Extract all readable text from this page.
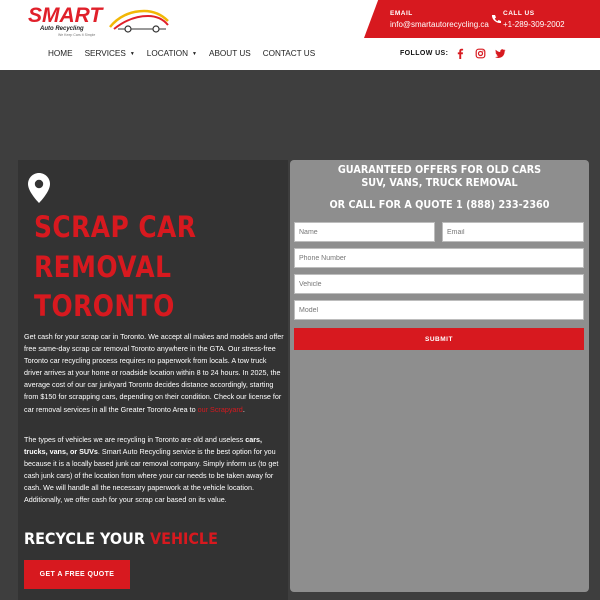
SMART
Auto Recycling
We Keep Cars It Simple
EMAIL
info@smartautorecycling.ca
CALL US
+1-289-309-2002
HOME SERVICES ▼ LOCATION ▼ ABOUT US CONTACT US	FOLLOW US:
SCRAP CAR
REMOVAL
TORONTO

Get cash for your scrap car in Toronto. We accept all makes and models and offer free same-day scrap car removal Toronto anywhere in the GTA. Our stress-free Toronto car recycling process requires no paperwork from locals. A tow truck driver arrives at your home or roadside location within 8 to 24 hours. In 2025, the average cost of our car junkyard Toronto decides distance accordingly, starting from $150 for scrapping cars, depending on their condition. Check our license for car removal services in all the Greater Toronto Area to our Scrapyard.

The types of vehicles we are recycling in Toronto are old and useless cars, trucks, vans, or SUVs. Smart Auto Recycling service is the best option for you because it is a locally based junk car removal company. Simply inform us (to get cash junk cars) of the location from where your car needs to be taken away for cash. We will handle all the necessary paperwork at the vehicle location. Additionally, we offer cash for your scrap car based on its value.

RECYCLE YOUR VEHICLE
GET A FREE QUOTE
GUARANTEED OFFERS FOR OLD CARS
SUV, VANS, TRUCK REMOVAL
OR CALL FOR A QUOTE 1 (888) 233-2360
Name
Email
Phone Number
Vehicle
Model
SUBMIT
